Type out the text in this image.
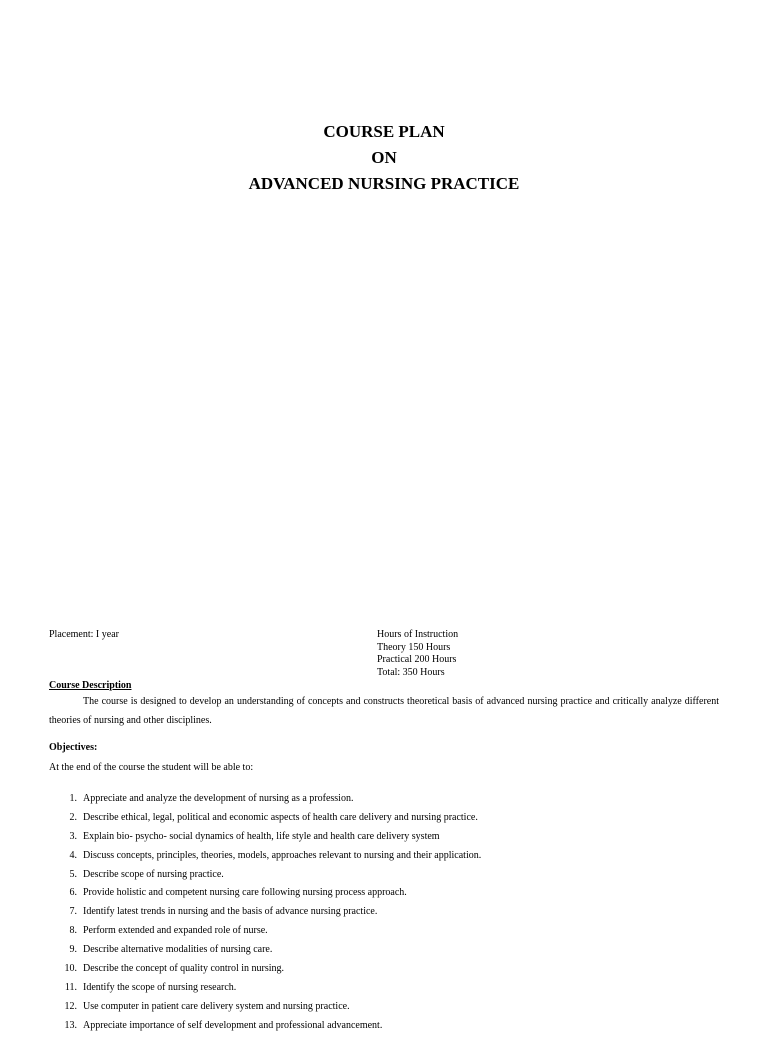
COURSE PLAN
ON
ADVANCED NURSING PRACTICE
Placement: I year	Hours of Instruction
Theory 150 Hours
Practical 200 Hours
Total: 350 Hours
Course Description
The course is designed to develop an understanding of concepts and constructs theoretical basis of advanced nursing practice and critically analyze different theories of nursing and other disciplines.
Objectives:
At the end of the course the student will be able to:
1. Appreciate and analyze the development of nursing as a profession.
2. Describe ethical, legal, political and economic aspects of health care delivery and nursing practice.
3. Explain bio- psycho- social dynamics of health, life style and health care delivery system
4. Discuss concepts, principles, theories, models, approaches relevant to nursing and their application.
5. Describe scope of nursing practice.
6. Provide holistic and competent nursing care following nursing process approach.
7. Identify latest trends in nursing and the basis of advance nursing practice.
8. Perform extended and expanded role of nurse.
9. Describe alternative modalities of nursing care.
10. Describe the concept of quality control in nursing.
11. Identify the scope of nursing research.
12. Use computer in patient care delivery system and nursing practice.
13. Appreciate importance of self development and professional advancement.
